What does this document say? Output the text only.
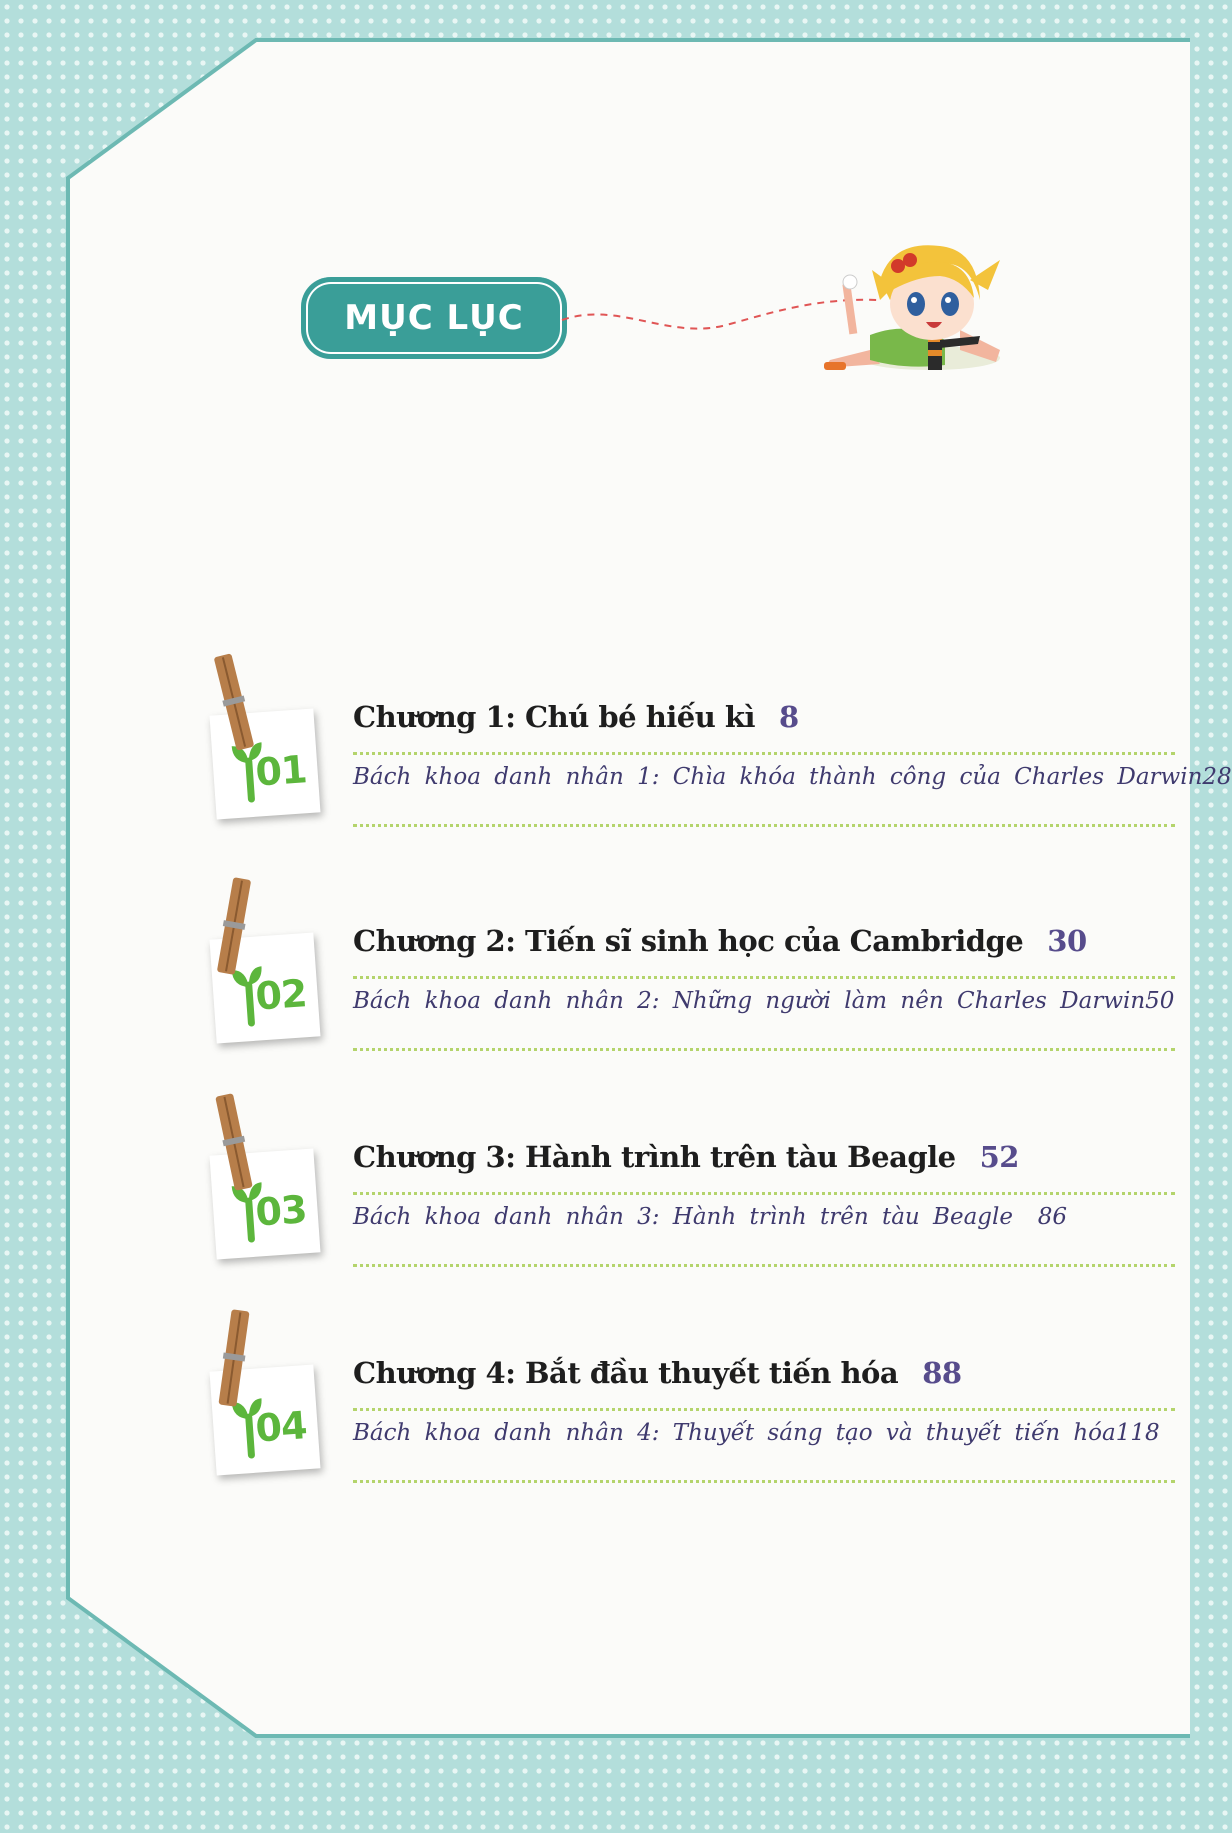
MỤC LỤC
01
Chương 1: Chú bé hiếu kì 8
Bách khoa danh nhân 1: Chìa khóa thành công của Charles Darwin 28
02
Chương 2: Tiến sĩ sinh học của Cambridge 30
Bách khoa danh nhân 2: Những người làm nên Charles Darwin 50
03
Chương 3: Hành trình trên tàu Beagle 52
Bách khoa danh nhân 3: Hành trình trên tàu Beagle 86
04
Chương 4: Bắt đầu thuyết tiến hóa 88
Bách khoa danh nhân 4: Thuyết sáng tạo và thuyết tiến hóa 118
